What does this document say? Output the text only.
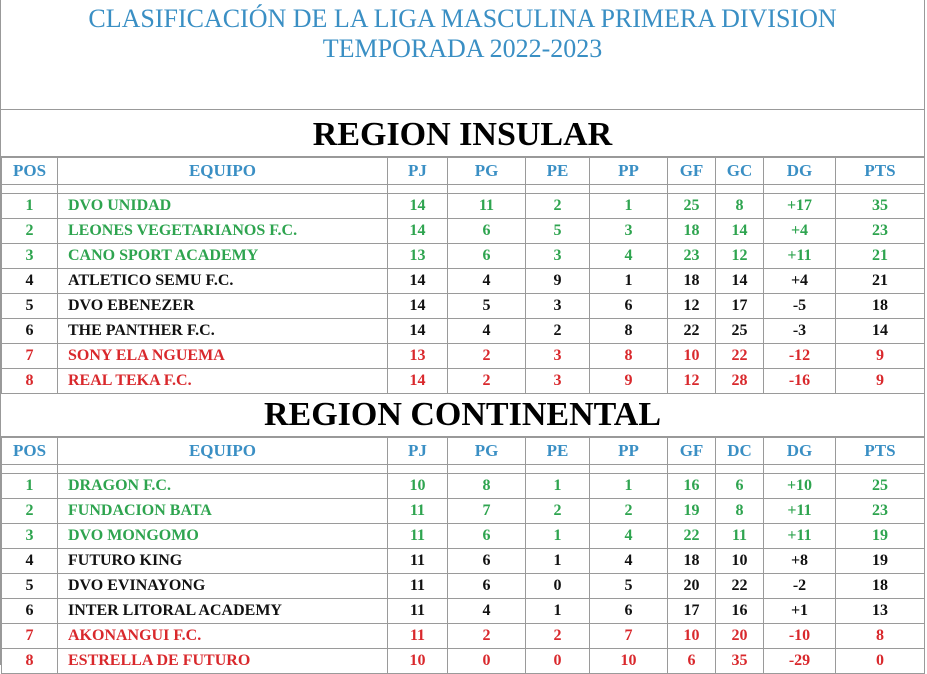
CLASIFICACIÓN DE LA LIGA MASCULINA PRIMERA DIVISION
TEMPORADA 2022-2023
REGION INSULAR
POS	EQUIPO	PJ	PG	PE	PP	GF	GC	DG	PTS

1	DVO UNIDAD	14	11	2	1	25	8	+17	35
2	LEONES VEGETARIANOS F.C.	14	6	5	3	18	14	+4	23
3	CANO SPORT ACADEMY	13	6	3	4	23	12	+11	21
4	ATLETICO SEMU F.C.	14	4	9	1	18	14	+4	21
5	DVO EBENEZER	14	5	3	6	12	17	-5	18
6	THE PANTHER F.C.	14	4	2	8	22	25	-3	14
7	SONY ELA NGUEMA	13	2	3	8	10	22	-12	9
8	REAL TEKA F.C.	14	2	3	9	12	28	-16	9
REGION CONTINENTAL
POS	EQUIPO	PJ	PG	PE	PP	GF	DC	DG	PTS

1	DRAGON F.C.	10	8	1	1	16	6	+10	25
2	FUNDACION BATA	11	7	2	2	19	8	+11	23
3	DVO MONGOMO	11	6	1	4	22	11	+11	19
4	FUTURO KING	11	6	1	4	18	10	+8	19
5	DVO EVINAYONG	11	6	0	5	20	22	-2	18
6	INTER LITORAL ACADEMY	11	4	1	6	17	16	+1	13
7	AKONANGUI F.C.	11	2	2	7	10	20	-10	8
8	ESTRELLA DE FUTURO	10	0	0	10	6	35	-29	0
